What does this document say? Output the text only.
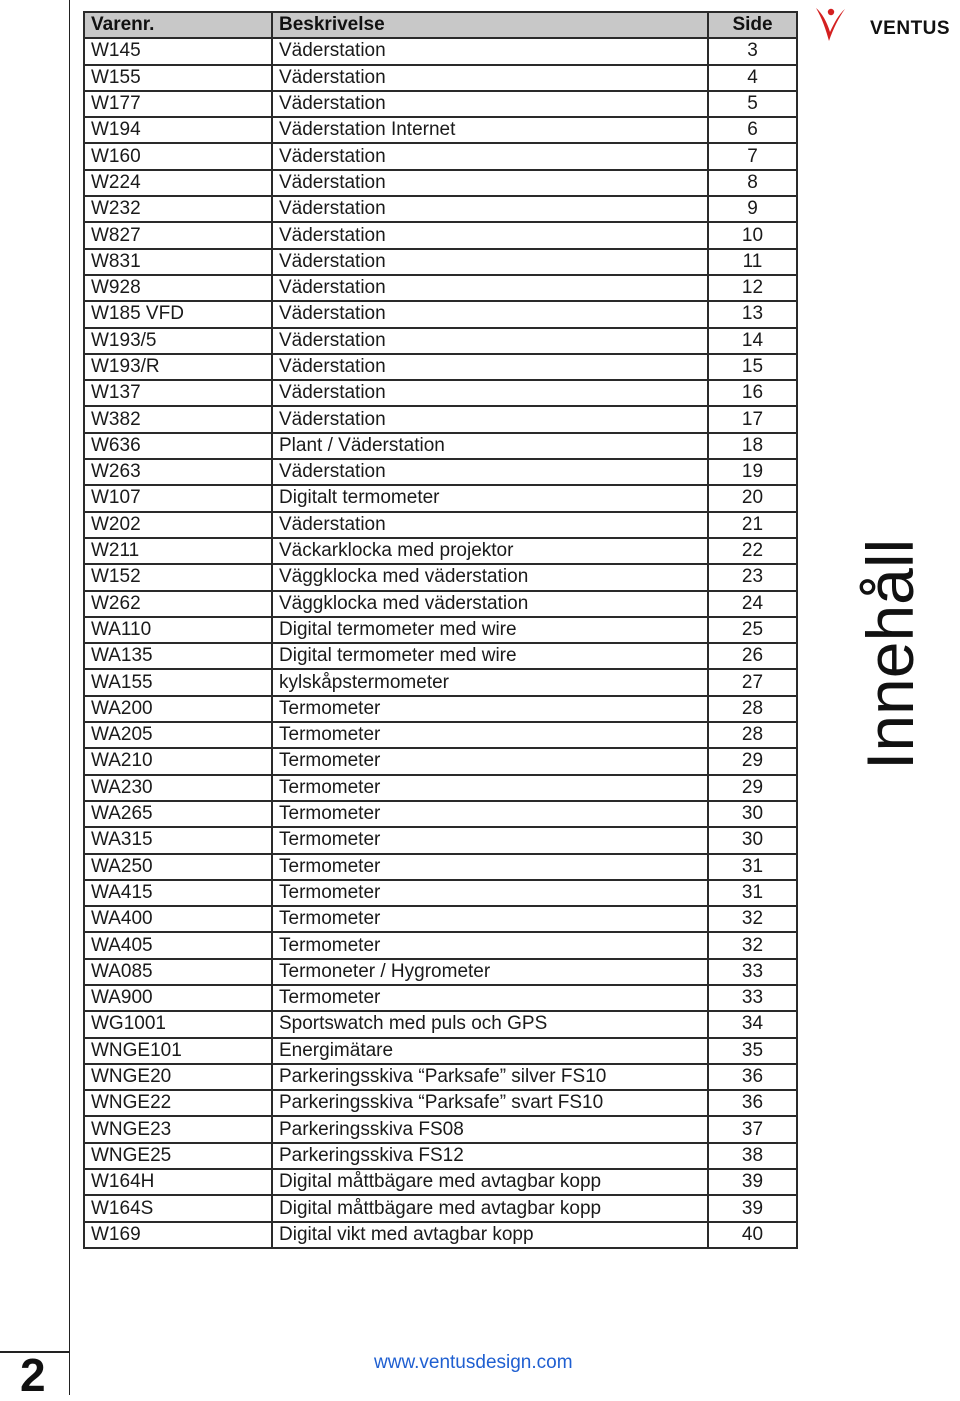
2
Varenr.	Beskrivelse	Side
W145	Väderstation	3
W155	Väderstation	4
W177	Väderstation	5
W194	Väderstation Internet	6
W160	Väderstation	7
W224	Väderstation	8
W232	Väderstation	9
W827	Väderstation	10
W831	Väderstation	11
W928	Väderstation	12
W185 VFD	Väderstation	13
W193/5	Väderstation	14
W193/R	Väderstation	15
W137	Väderstation	16
W382	Väderstation	17
W636	Plant / Väderstation	18
W263	Väderstation	19
W107	Digitalt termometer	20
W202	Väderstation	21
W211	Väckarklocka med projektor	22
W152	Väggklocka med väderstation	23
W262	Väggklocka med väderstation	24
WA110	Digital termometer med wire	25
WA135	Digital termometer med wire	26
WA155	kylskåpstermometer	27
WA200	Termometer	28
WA205	Termometer	28
WA210	Termometer	29
WA230	Termometer	29
WA265	Termometer	30
WA315	Termometer	30
WA250	Termometer	31
WA415	Termometer	31
WA400	Termometer	32
WA405	Termometer	32
WA085	Termoneter / Hygrometer	33
WA900	Termometer	33
WG1001	Sportswatch med puls och GPS	34
WNGE101	Energimätare	35
WNGE20	Parkeringsskiva “Parksafe” silver FS10	36
WNGE22	Parkeringsskiva “Parksafe” svart FS10	36
WNGE23	Parkeringsskiva FS08	37
WNGE25	Parkeringsskiva FS12	38
W164H	Digital måttbägare med avtagbar kopp	39
W164S	Digital måttbägare med avtagbar kopp	39
W169	Digital vikt med avtagbar kopp	40
VENTUS
Innehåll
www.ventusdesign.com
